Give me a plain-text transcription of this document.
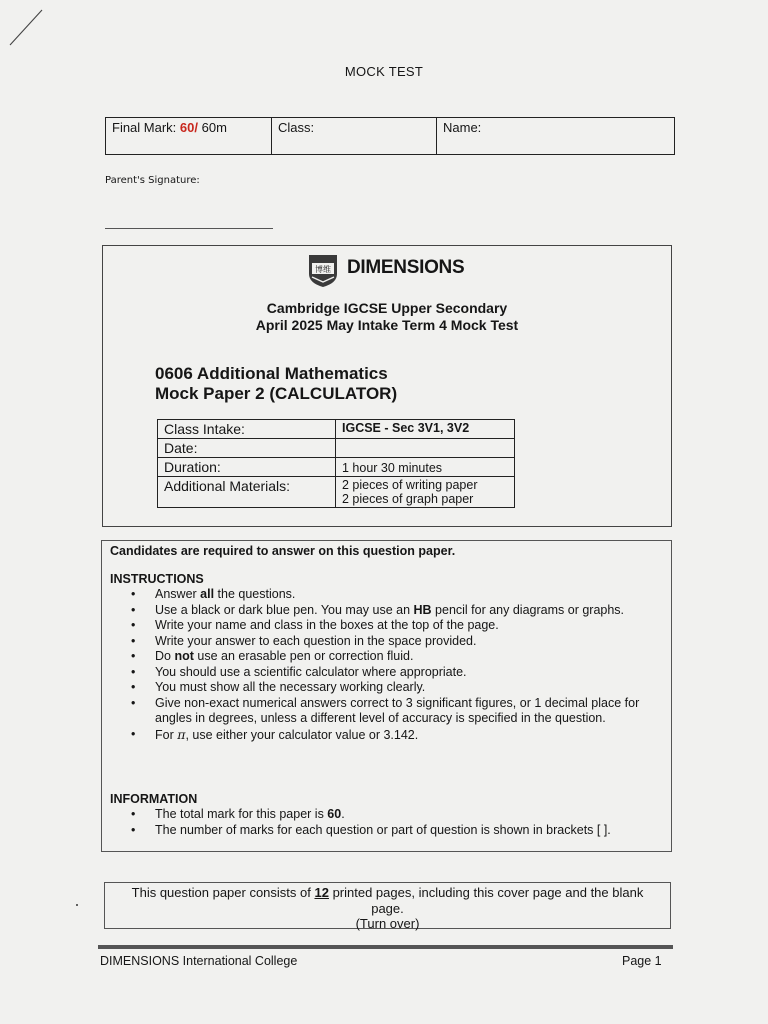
MOCK TEST
Final Mark: 60/ 60m	Class:	Name:
Parent's Signature:
博维 DIMENSIONS
Cambridge IGCSE Upper Secondary
April 2025 May Intake Term 4 Mock Test
0606 Additional Mathematics
Mock Paper 2 (CALCULATOR)
Class Intake:	IGCSE - Sec 3V1, 3V2
Date:	
Duration:	1 hour 30 minutes
Additional Materials:	2 pieces of writing paper
2 pieces of graph paper
Candidates are required to answer on this question paper.
INSTRUCTIONS
• Answer all the questions.
• Use a black or dark blue pen. You may use an HB pencil for any diagrams or graphs.
• Write your name and class in the boxes at the top of the page.
• Write your answer to each question in the space provided.
• Do not use an erasable pen or correction fluid.
• You should use a scientific calculator where appropriate.
• You must show all the necessary working clearly.
• Give non-exact numerical answers correct to 3 significant figures, or 1 decimal place for angles in degrees, unless a different level of accuracy is specified in the question.
• For π, use either your calculator value or 3.142.
INFORMATION
• The total mark for this paper is 60.
• The number of marks for each question or part of question is shown in brackets [ ].
This question paper consists of 12 printed pages, including this cover page and the blank
page.
(Turn over)
DIMENSIONS International College	Page 1
